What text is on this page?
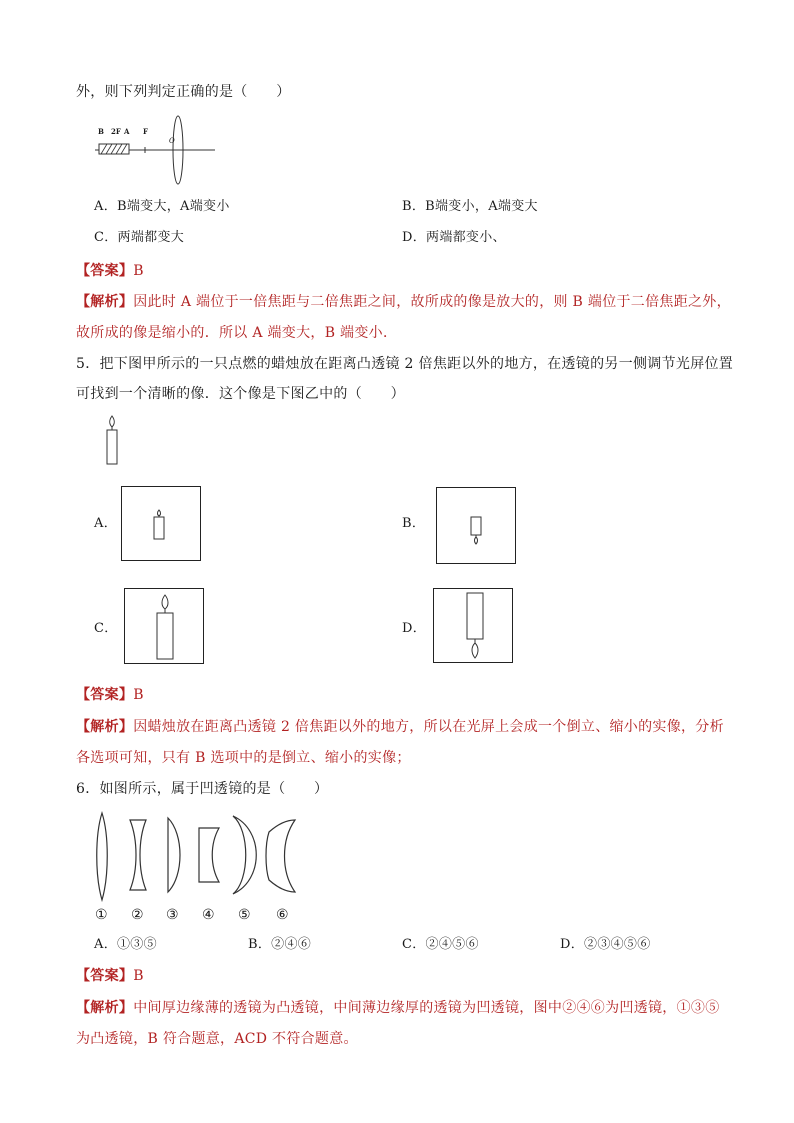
外，则下列判定正确的是（　　）
B 2F A F
O
A．B端变大，A端变小	B．B端变小，A端变大
C．两端都变大	D．两端都变小、
【答案】B
【解析】因此时 A 端位于一倍焦距与二倍焦距之间，故所成的像是放大的，则 B 端位于二倍焦距之外，
故所成的像是缩小的．所以 A 端变大，B 端变小．
5．把下图甲所示的一只点燃的蜡烛放在距离凸透镜 2 倍焦距以外的地方，在透镜的另一侧调节光屏位置
可找到一个清晰的像．这个像是下图乙中的（　　）
A．	B．
C．	D．
【答案】B
【解析】因蜡烛放在距离凸透镜 2 倍焦距以外的地方，所以在光屏上会成一个倒立、缩小的实像，分析
各选项可知，只有 B 选项中的是倒立、缩小的实像；
6．如图所示，属于凹透镜的是（　　）
① ② ③ ④ ⑤ ⑥
A．①③⑤	B．②④⑥	C．②④⑤⑥	D．②③④⑤⑥
【答案】B
【解析】中间厚边缘薄的透镜为凸透镜，中间薄边缘厚的透镜为凹透镜，图中②④⑥为凹透镜，①③⑤
为凸透镜，B 符合题意，ACD 不符合题意。
